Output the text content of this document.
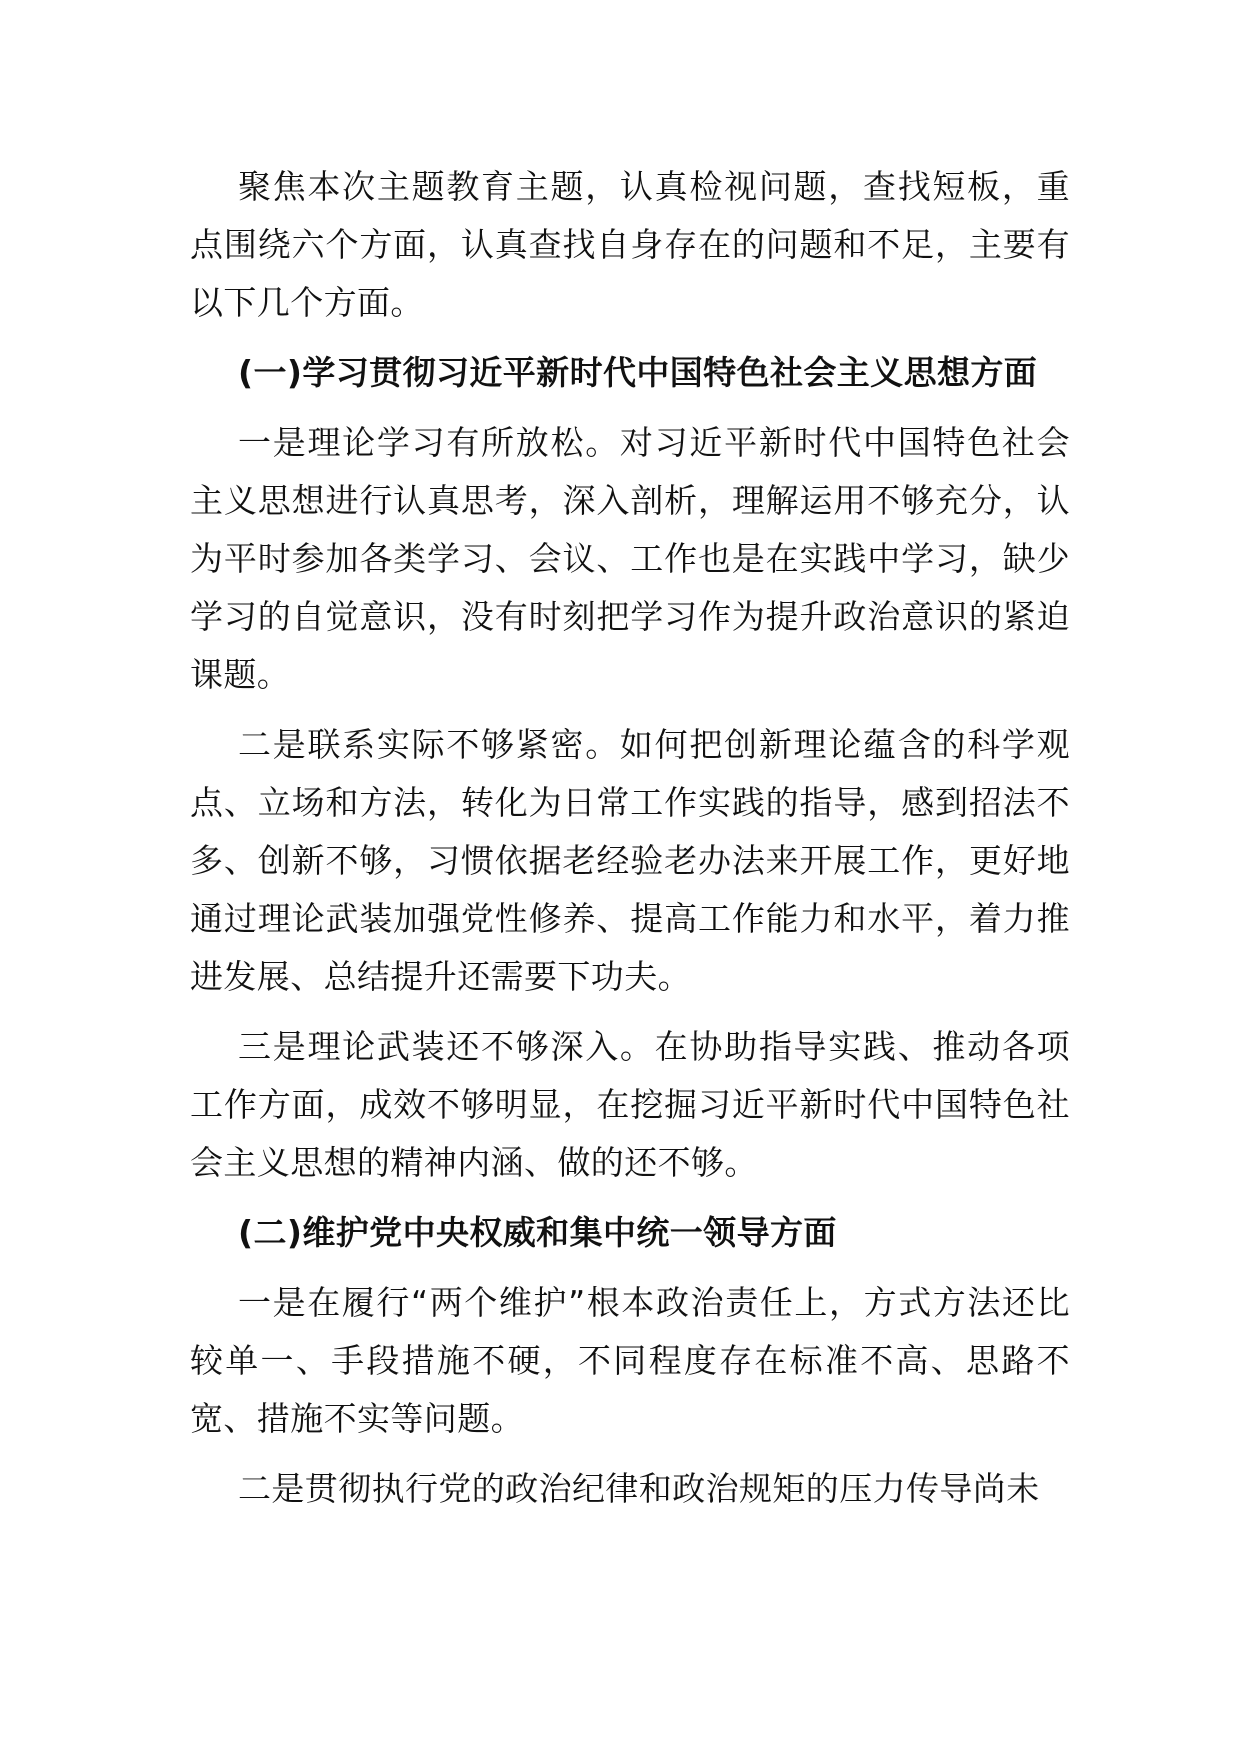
聚焦本次主题教育主题，认真检视问题，查找短板，重点围绕六个方面，认真查找自身存在的问题和不足，主要有以下几个方面。

(一)学习贯彻习近平新时代中国特色社会主义思想方面

一是理论学习有所放松。对习近平新时代中国特色社会主义思想进行认真思考，深入剖析，理解运用不够充分，认为平时参加各类学习、会议、工作也是在实践中学习，缺少学习的自觉意识，没有时刻把学习作为提升政治意识的紧迫课题。

二是联系实际不够紧密。如何把创新理论蕴含的科学观点、立场和方法，转化为日常工作实践的指导，感到招法不多、创新不够，习惯依据老经验老办法来开展工作，更好地通过理论武装加强党性修养、提高工作能力和水平，着力推进发展、总结提升还需要下功夫。

三是理论武装还不够深入。在协助指导实践、推动各项工作方面，成效不够明显，在挖掘习近平新时代中国特色社会主义思想的精神内涵、做的还不够。

(二)维护党中央权威和集中统一领导方面

一是在履行“两个维护”根本政治责任上，方式方法还比较单一、手段措施不硬，不同程度存在标准不高、思路不宽、措施不实等问题。

二是贯彻执行党的政治纪律和政治规矩的压力传导尚未
